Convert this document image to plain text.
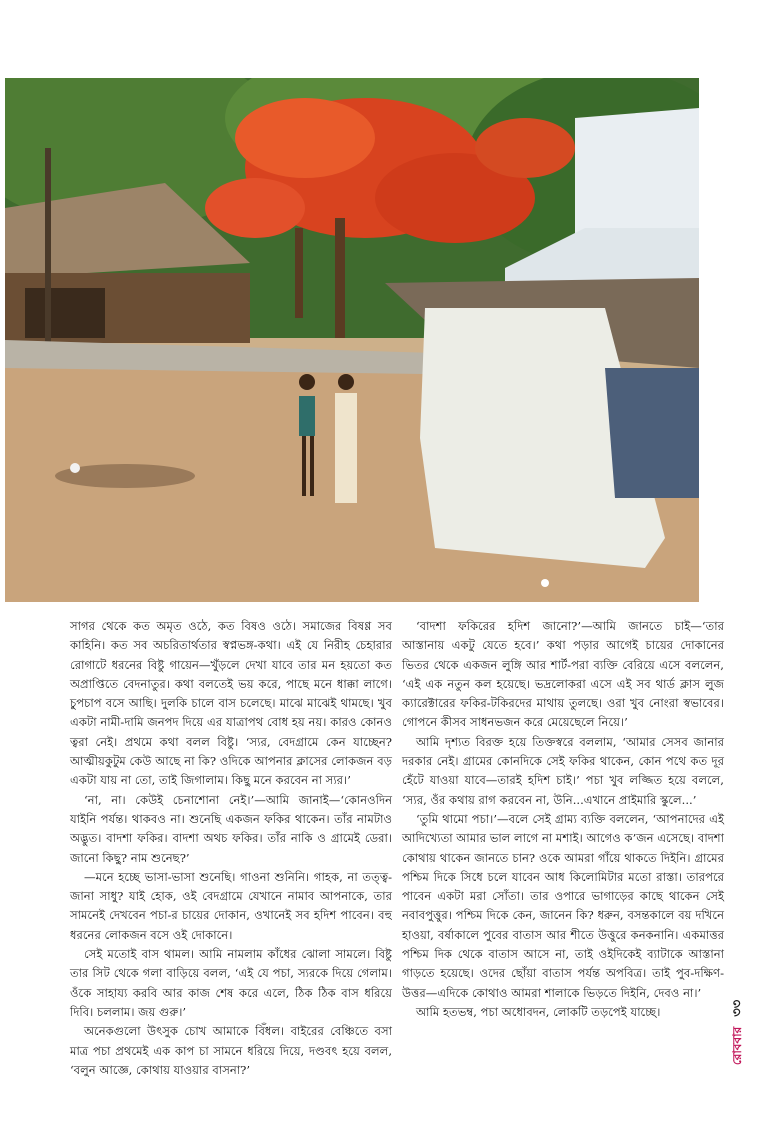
সাগর থেকে কত অমৃত ওঠে, কত বিষও ওঠে। সমাজের বিষণ্ণ সব কাহিনি। কত সব অচরিতার্থতার স্বপ্নভঙ্গ-কথা। এই যে নিরীহ চেহারার রোগাটে ধরনের বিষ্টু গায়েন—খুঁড়লে দেখা যাবে তার মন হয়তো কত অপ্রাপ্তিতে বেদনাতুর। কথা বলতেই ভয় করে, পাছে মনে ধাক্কা লাগে। চুপচাপ বসে আছি। দুলকি চালে বাস চলেছে। মাঝে মাঝেই থামছে। খুব একটা নামী-দামি জনপদ দিয়ে এর যাত্রাপথ বোধ হয় নয়। কারও কোনও ত্বরা নেই। প্রথমে কথা বলল বিষ্টু। ‘স্যর, বেদগ্রামে কেন যাচ্ছেন? আত্মীয়কুটুম কেউ আছে না কি? ওদিকে আপনার ক্লাসের লোকজন বড় একটা যায় না তো, তাই জিগালাম। কিছু মনে করবেন না স্যর।’

‘না, না। কেউই চেনাশোনা নেই।’—আমি জানাই—‘কোনওদিন যাইনি পর্যন্ত। থাকবও না। শুনেছি একজন ফকির থাকেন। তাঁর নামটাও অদ্ভুত। বাদশা ফকির। বাদশা অথচ ফকির। তাঁর নাকি ও গ্রামেই ডেরা। জানো কিছু? নাম শুনেছ?’

—মনে হচ্ছে ভাসা-ভাসা শুনেছি। গাওনা শুনিনি। গাহক, না তত্ত্ব-জানা সাধু? যাই হোক, ওই বেদগ্রামে যেখানে নামাব আপনাকে, তার সামনেই দেখবেন পচা-র চায়ের দোকান, ওখানেই সব হদিশ পাবেন। বহু ধরনের লোকজন বসে ওই দোকানে।

সেই মতোই বাস থামল। আমি নামলাম কাঁধের ঝোলা সামলে। বিষ্টু তার সিট থেকে গলা বাড়িয়ে বলল, ‘এই যে পচা, স্যরকে দিয়ে গেলাম। ওঁকে সাহায্য করবি আর কাজ শেষ করে এলে, ঠিক ঠিক বাস ধরিয়ে দিবি। চললাম। জয় গুরু।’

অনেকগুলো উৎসুক চোখ আমাকে বিঁধল। বাইরের বেঞ্চিতে বসা মাত্র পচা প্রথমেই এক কাপ চা সামনে ধরিয়ে দিয়ে, দণ্ডবৎ হয়ে বলল, ‘বলুন আজ্ঞে, কোথায় যাওয়ার বাসনা?’

‘বাদশা ফকিরের হদিশ জানো?’—আমি জানতে চাই—‘তার আস্তানায় একটু যেতে হবে।’ কথা পড়ার আগেই চায়ের দোকানের ভিতর থেকে একজন লুঙ্গি আর শার্ট-পরা ব্যক্তি বেরিয়ে এসে বললেন, ‘এই এক নতুন কল হয়েছে। ভদ্রলোকরা এসে এই সব থার্ড ক্লাস লুজ ক্যারেক্টারের ফকির-টকিরদের মাথায় তুলছে। ওরা খুব নোংরা স্বভাবের। গোপনে কীসব সাধনভজন করে মেয়েছেলে নিয়ে।’

আমি দৃশ্যত বিরক্ত হয়ে তিক্তস্বরে বললাম, ‘আমার সেসব জানার দরকার নেই। গ্রামের কোনদিকে সেই ফকির থাকেন, কোন পথে কত দূর হেঁটে যাওয়া যাবে—তারই হদিশ চাই।’ পচা খুব লজ্জিত হয়ে বললে, ‘স্যর, ওঁর কথায় রাগ করবেন না, উনি...এখানে প্রাইমারি স্কুলে...’

‘তুমি থামো পচা।’—বলে সেই গ্রাম্য ব্যক্তি বললেন, ‘আপনাদের এই আদিখ্যেতা আমার ভাল লাগে না মশাই। আগেও ক’জন এসেছে। বাদশা কোথায় থাকেন জানতে চান? ওকে আমরা গাঁয়ে থাকতে দিইনি। গ্রামের পশ্চিম দিকে সিধে চলে যাবেন আধ কিলোমিটার মতো রাস্তা। তারপরে পাবেন একটা মরা সোঁতা। তার ওপারে ভাগাড়ের কাছে থাকেন সেই নবাবপুত্তুর। পশ্চিম দিকে কেন, জানেন কি? ধরুন, বসন্তকালে বয় দখিনে হাওয়া, বর্ষাকালে পুবের বাতাস আর শীতে উত্তুরে কনকনানি। একমাত্তর পশ্চিম দিক থেকে বাতাস আসে না, তাই ওইদিকেই ব্যাটাকে আস্তানা গাড়তে হয়েছে। ওদের ছোঁয়া বাতাস পর্যন্ত অপবিত্র। তাই পুব-দক্ষিণ-উত্তর—এদিকে কোথাও আমরা শালাকে ভিড়তে দিইনি, দেবও না।’

আমি হতভম্ব, পচা অধোবদন, লোকটি তড়পেই যাচ্ছে।

রোববার
৩৩
